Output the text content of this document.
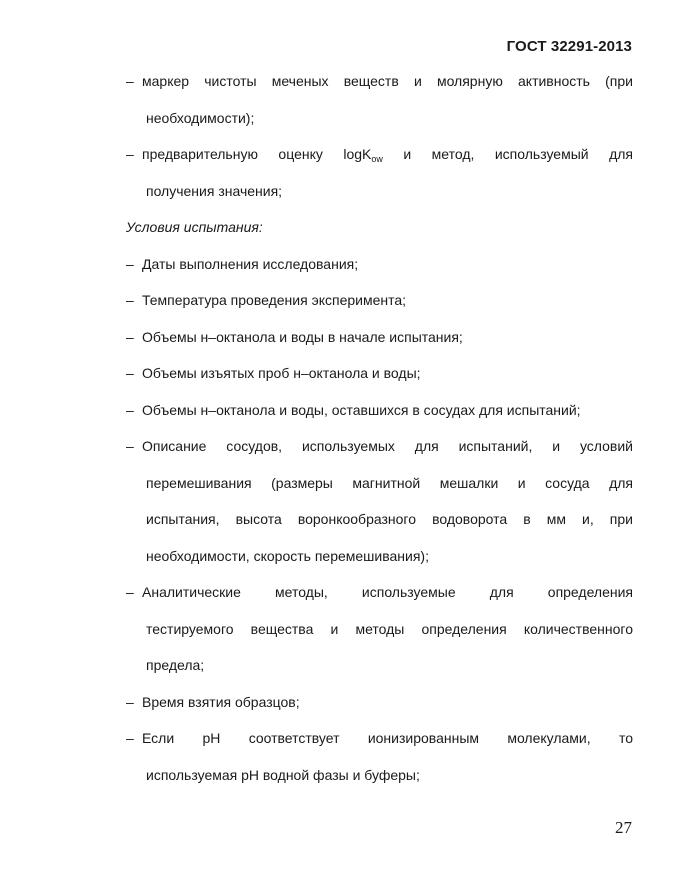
ГОСТ 32291-2013
– маркер чистоты меченых веществ и молярную активность (при
необходимости);
– предварительную оценку logK$_{ow}$ и метод, используемый для
получения значения;
Условия испытания:
– Даты выполнения исследования;
– Температура проведения эксперимента;
– Объемы н–октанола и воды в начале испытания;
– Объемы изъятых проб н–октанола и воды;
– Объемы н–октанола и воды, оставшихся в сосудах для испытаний;
– Описание сосудов, используемых для испытаний, и условий
перемешивания (размеры магнитной мешалки и сосуда для
испытания, высота воронкообразного водоворота в мм и, при
необходимости, скорость перемешивания);
– Аналитические методы, используемые для определения
тестируемого вещества и методы определения количественного
предела;
– Время взятия образцов;
– Если рН соответствует ионизированным молекулами, то
используемая рН водной фазы и буферы;
27
